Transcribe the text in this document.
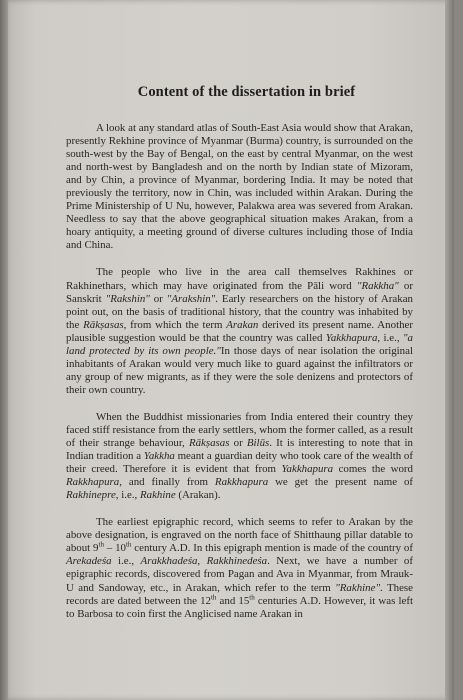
Content of the dissertation in brief

A look at any standard atlas of South-East Asia would show that Arakan, presently Rekhine province of Myanmar (Burma) country, is surrounded on the south-west by the Bay of Bengal, on the east by central Myanmar, on the west and north-west by Bangladesh and on the north by Indian state of Mizoram, and by Chin, a province of Myanmar, bordering India. It may be noted that previously the territory, now in Chin, was included within Arakan. During the Prime Ministership of U Nu, however, Palakwa area was severed from Arakan. Needless to say that the above geographical situation makes Arakan, from a hoary antiquity, a meeting ground of diverse cultures including those of India and China.

The people who live in the area call themselves Rakhines or Rakhinethars, which may have originated from the Pāli word "Rakkha" or Sanskrit "Rakshin" or "Arakshin". Early researchers on the history of Arakan point out, on the basis of traditional history, that the country was inhabited by the Rākṣasas, from which the term Arakan derived its present name. Another plausible suggestion would be that the country was called Yakkhapura, i.e., "a land protected by its own people."In those days of near isolation the original inhabitants of Arakan would very much like to guard against the infiltrators or any group of new migrants, as if they were the sole denizens and protectors of their own country.

When the Buddhist missionaries from India entered their country they faced stiff resistance from the early settlers, whom the former called, as a result of their strange behaviour, Rākṣasas or Bilūs. It is interesting to note that in Indian tradition a Yakkha meant a guardian deity who took care of the wealth of their creed. Therefore it is evident that from Yakkhapura comes the word Rakkhapura, and finally from Rakkhapura we get the present name of Rakhinepre, i.e., Rakhine (Arakan).

The earliest epigraphic record, which seems to refer to Arakan by the above designation, is engraved on the north face of Shitthaung pillar datable to about 9th – 10th century A.D. In this epigraph mention is made of the country of Arekadeśa i.e., Arakkhadeśa, Rakkhinedeśa. Next, we have a number of epigraphic records, discovered from Pagan and Ava in Myanmar, from Mrauk-U and Sandoway, etc., in Arakan, which refer to the term "Rakhine". These records are dated between the 12th and 15th centuries A.D. However, it was left to Barbosa to coin first the Anglicised name Arakan in
